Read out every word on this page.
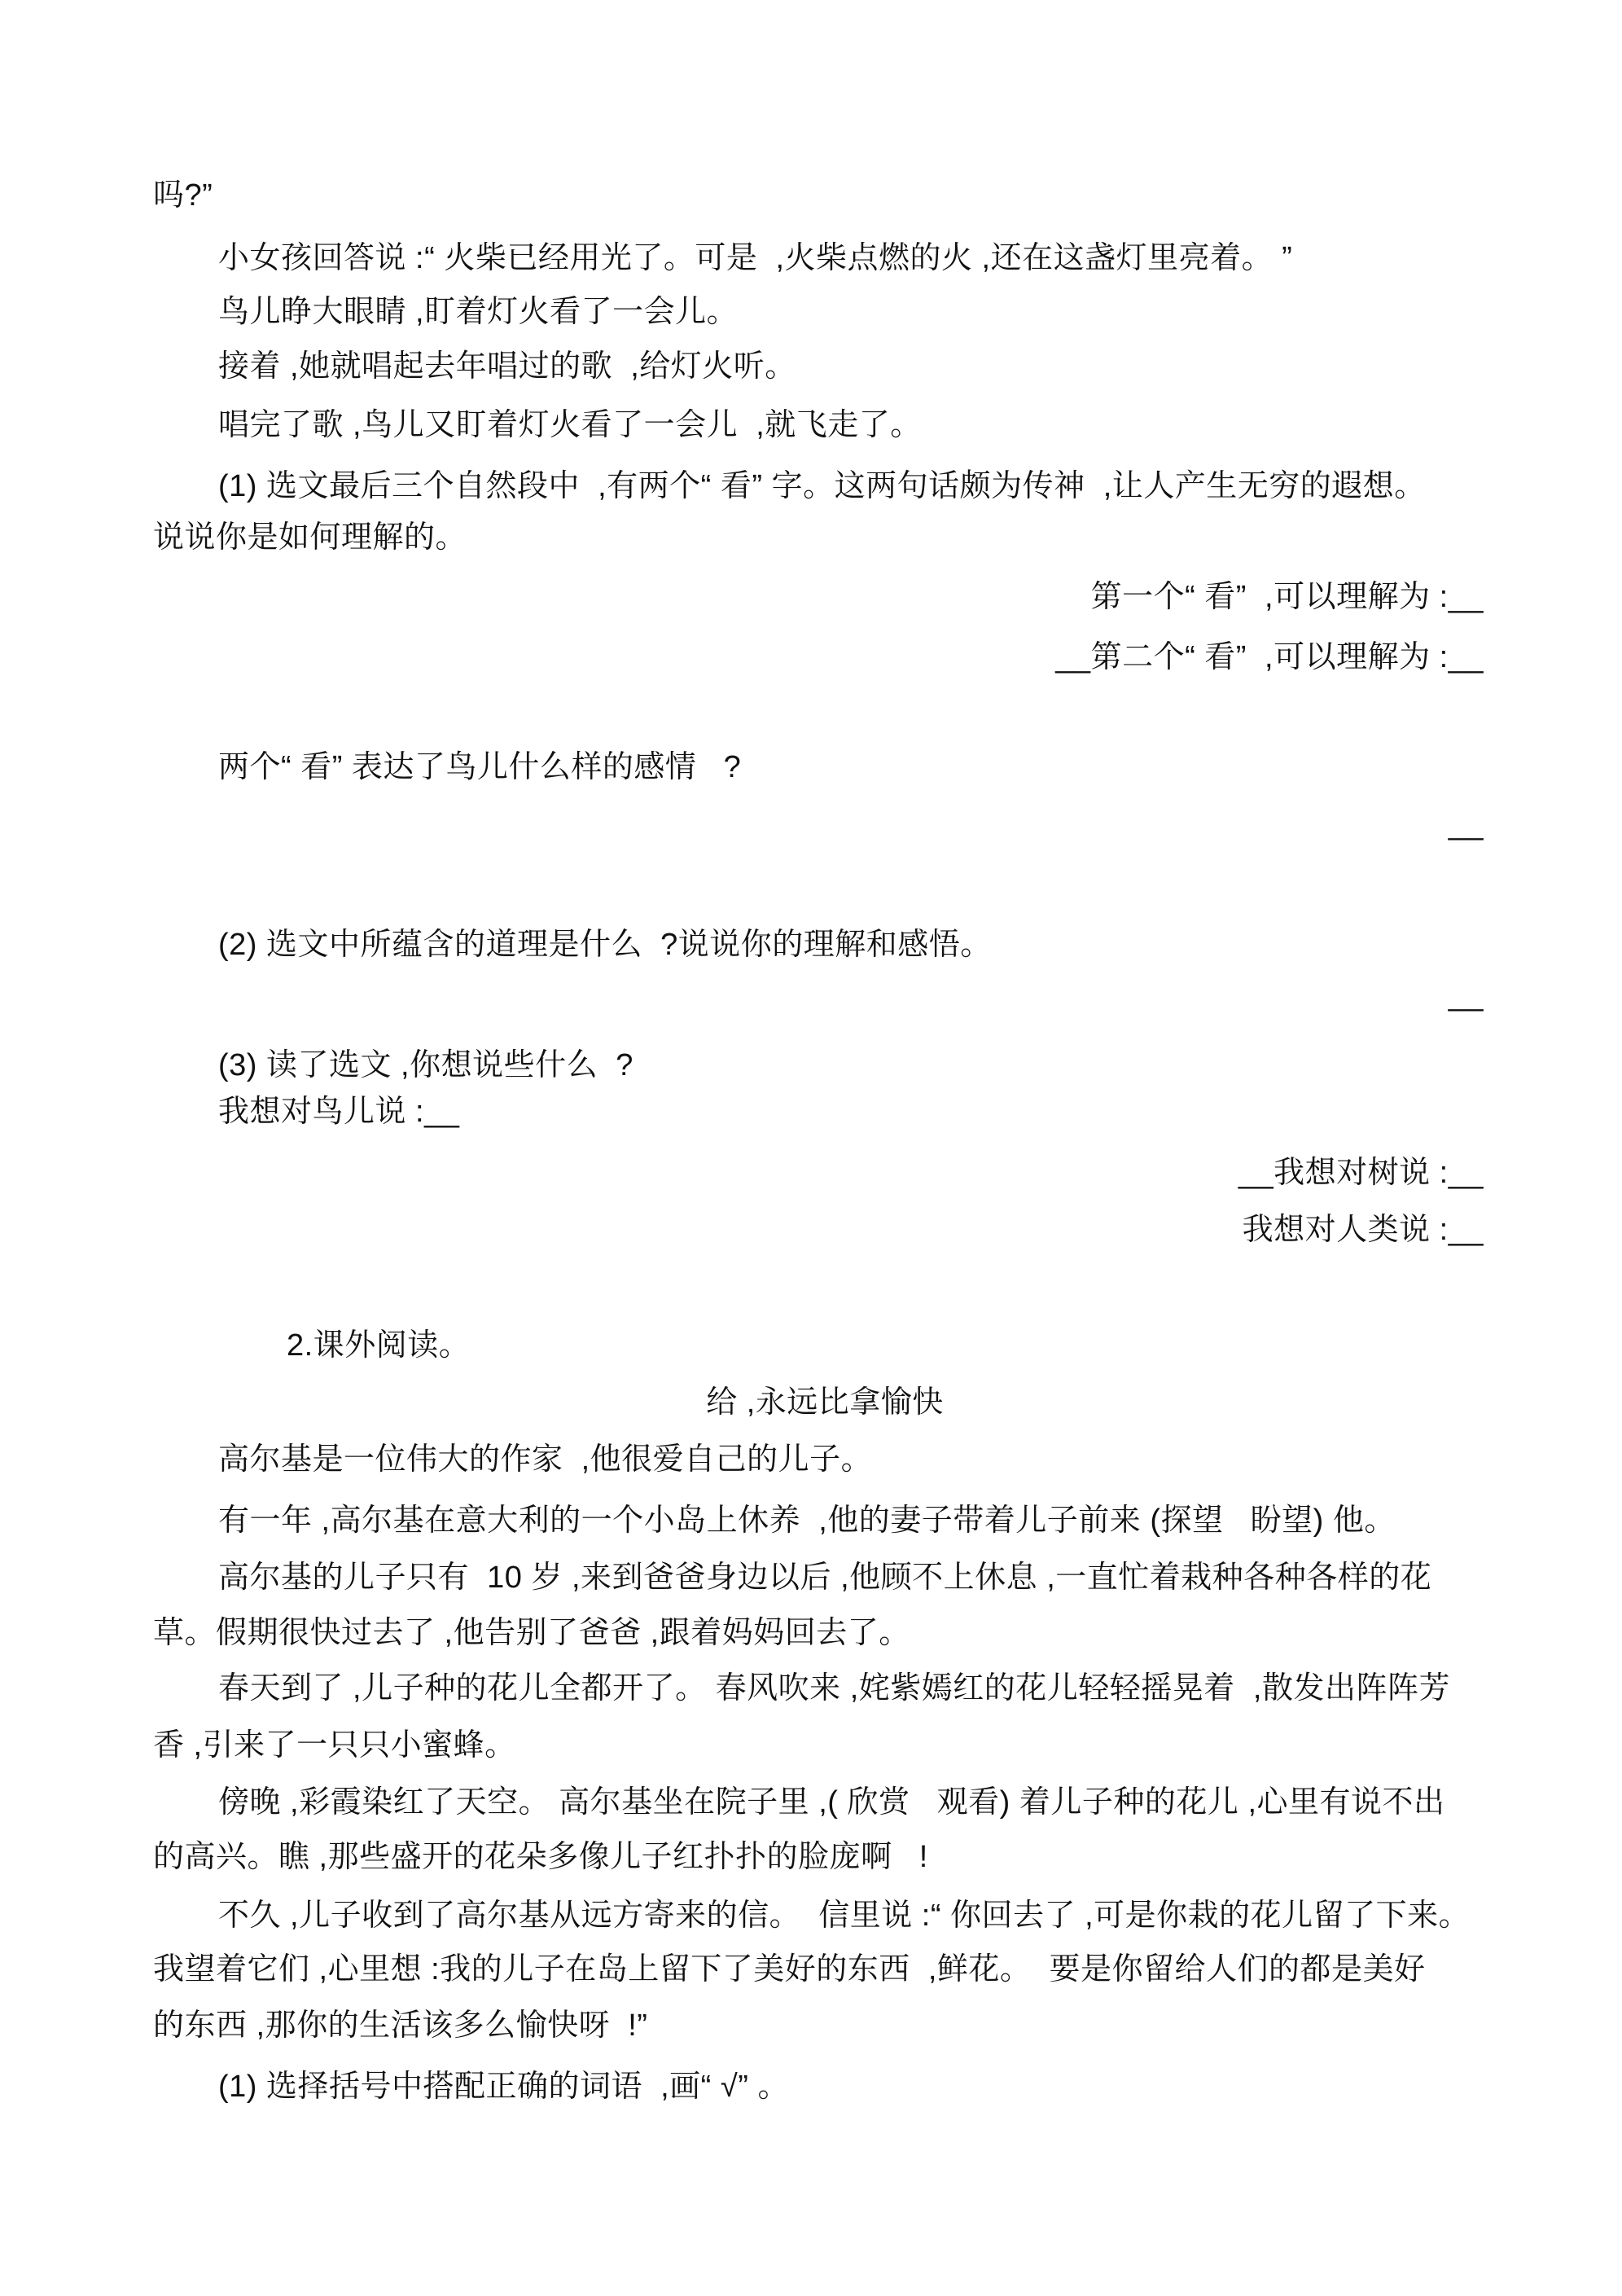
吗?”
小女孩回答说 :“ 火柴已经用光了。可是  ,火柴点燃的火 ,还在这盏灯里亮着。 ”
鸟儿睁大眼睛 ,盯着灯火看了一会儿。
接着 ,她就唱起去年唱过的歌  ,给灯火听。
唱完了歌 ,鸟儿又盯着灯火看了一会儿  ,就飞走了。
(1) 选文最后三个自然段中  ,有两个“ 看” 字。这两句话颇为传神  ,让人产生无穷的遐想。
说说你是如何理解的。
第一个“ 看”  ,可以理解为 :__
__第二个“ 看”  ,可以理解为 :__
两个“ 看” 表达了鸟儿什么样的感情   ?
__
(2) 选文中所蕴含的道理是什么  ?说说你的理解和感悟。
__
(3) 读了选文 ,你想说些什么  ?
我想对鸟儿说 :__
__我想对树说 :__
我想对人类说 :__
2.课外阅读。
给 ,永远比拿愉快
高尔基是一位伟大的作家  ,他很爱自己的儿子。
有一年 ,高尔基在意大利的一个小岛上休养  ,他的妻子带着儿子前来 (探望   盼望) 他。
高尔基的儿子只有  10 岁 ,来到爸爸身边以后 ,他顾不上休息 ,一直忙着栽种各种各样的花
草。假期很快过去了 ,他告别了爸爸 ,跟着妈妈回去了。
春天到了 ,儿子种的花儿全都开了。 春风吹来 ,姹紫嫣红的花儿轻轻摇晃着  ,散发出阵阵芳
香 ,引来了一只只小蜜蜂。
傍晚 ,彩霞染红了天空。 高尔基坐在院子里 ,( 欣赏   观看) 着儿子种的花儿 ,心里有说不出
的高兴。瞧 ,那些盛开的花朵多像儿子红扑扑的脸庞啊   !
不久 ,儿子收到了高尔基从远方寄来的信。  信里说 :“ 你回去了 ,可是你栽的花儿留了下来。
我望着它们 ,心里想 :我的儿子在岛上留下了美好的东西  ,鲜花。  要是你留给人们的都是美好
的东西 ,那你的生活该多么愉快呀  !”
(1) 选择括号中搭配正确的词语  ,画“ √” 。
